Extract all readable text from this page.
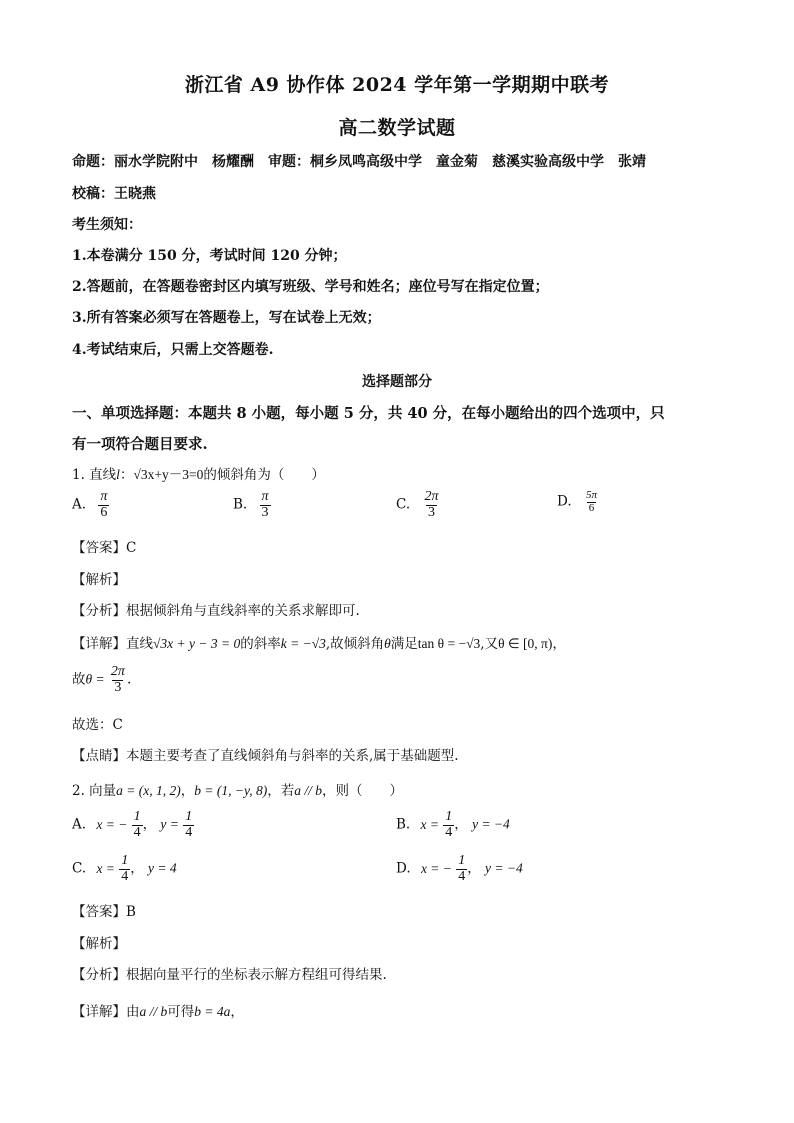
浙江省 A9 协作体 2024 学年第一学期期中联考
高二数学试题
命题：丽水学院附中　杨耀酬　审题：桐乡凤鸣高级中学　童金菊　慈溪实验高级中学　张靖
校稿：王晓燕
考生须知：
1.本卷满分 150 分，考试时间 120 分钟；
2.答题前，在答题卷密封区内填写班级、学号和姓名；座位号写在指定位置；
3.所有答案必须写在答题卷上，写在试卷上无效；
4.考试结束后，只需上交答题卷.
选择题部分
一、单项选择题：本题共 8 小题，每小题 5 分，共 40 分，在每小题给出的四个选项中，只
有一项符合题目要求.
1. 直线l：√3x+y－3=0的倾斜角为（　　）
A. $\frac{\pi}{6}$	B. $\frac{\pi}{3}$	C. $\frac{2\pi}{3}$	D. $\frac{5\pi}{6}$
【答案】C
【解析】
【分析】根据倾斜角与直线斜率的关系求解即可.
【详解】直线√3x + y − 3 = 0的斜率k = −√3,故倾斜角θ满足tan θ = −√3,又θ ∈ [0, π)，
故$\theta = \frac{2\pi}{3}$ .
故选：C
【点睛】本题主要考查了直线倾斜角与斜率的关系,属于基础题型.
2. 向量a = (x, 1, 2)，b = (1, −y, 8)，若a // b，则（　　）
A. x = − $\frac{1}{4}$ ， $y = \frac{1}{4}$	B. $x = \frac{1}{4}$ ， y = −4
C. $x = \frac{1}{4}$ ， y = 4	D. x = − $\frac{1}{4}$ ， y = −4
【答案】B
【解析】
【分析】根据向量平行的坐标表示解方程组可得结果.
【详解】由a // b可得b = 4a，
